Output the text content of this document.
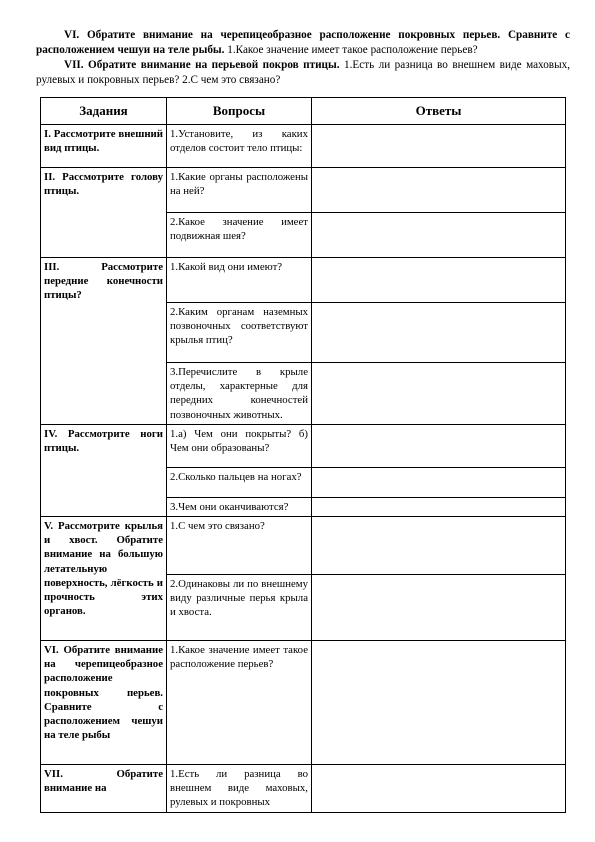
VI. Обратите внимание на черепицеобразное расположение покровных перьев. Сравните с расположением чешуи на теле рыбы. 1.Какое значение имеет такое расположение перьев?

VII. Обратите внимание на перьевой покров птицы. 1.Есть ли разница во внешнем виде маховых, рулевых и покровных перьев? 2.С чем это связано?

Задания	Вопросы	Ответы
I. Рассмотрите внешний вид птицы.	1.Установите, из каких отделов состоит тело птицы:	
II. Рассмотрите голову птицы.	1.Какие органы расположены на ней?	
	2.Какое значение имеет подвижная шея?	
III. Рассмотрите передние конечности птицы?	1.Какой вид они имеют?	
	2.Каким органам наземных позвоночных соответствуют крылья птиц?	
	3.Перечислите в крыле отделы, характерные для передних конечностей позвоночных животных.	
IV. Рассмотрите ноги птицы.	1.а) Чем они покрыты? б) Чем они образованы?	
	2.Сколько пальцев на ногах?	
	3.Чем они оканчиваются?	
V. Рассмотрите крылья и хвост. Обратите внимание на большую летательную поверхность, лёгкость и прочность этих органов.	1.С чем это связано?	
	2.Одинаковы ли по внешнему виду различные перья крыла и хвоста.	
VI. Обратите внимание на черепицеобразное расположение покровных перьев. Сравните с расположением чешуи на теле рыбы	1.Какое значение имеет такое расположение перьев?	
VII. Обратите внимание на	1.Есть ли разница во внешнем виде маховых, рулевых и покровных	
